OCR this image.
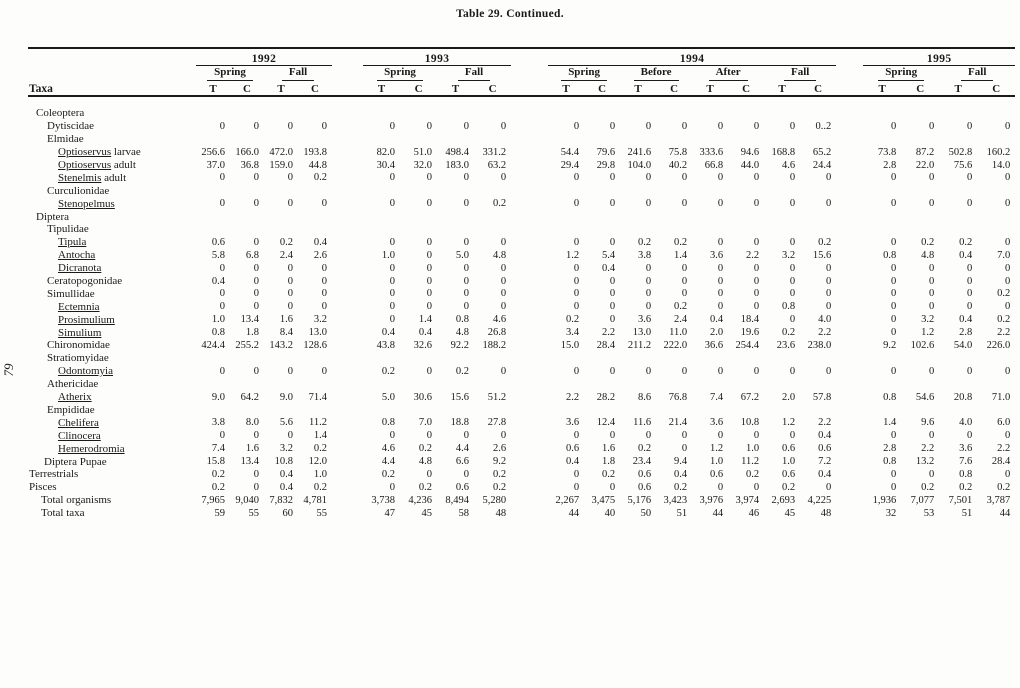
Table 29. Continued.
79
	1992					1993					1994									1995			
	Spring		Fall			Spring		Fall			Spring		Before		After		Fall			Spring		Fall	
Taxa	T	C	T	C		T	C	T	C		T	C	T	C	T	C	T	C		T	C	T	C
Coleoptera																							
Dytiscidae	0	0	0	0		0	0	0	0		0	0	0	0	0	0	0	0..2		0	0	0	0
Elmidae																							
Optioservus larvae	256.6	166.0	472.0	193.8		82.0	51.0	498.4	331.2		54.4	79.6	241.6	75.8	333.6	94.6	168.8	65.2		73.8	87.2	502.8	160.2
Optioservus adult	37.0	36.8	159.0	44.8		30.4	32.0	183.0	63.2		29.4	29.8	104.0	40.2	66.8	44.0	4.6	24.4		2.8	22.0	75.6	14.0
Stenelmis adult	0	0	0	0.2		0	0	0	0		0	0	0	0	0	0	0	0		0	0	0	0
Curculionidae																							
Stenopelmus	0	0	0	0		0	0	0	0.2		0	0	0	0	0	0	0	0		0	0	0	0
Diptera																							
Tipulidae																							
Tipula	0.6	0	0.2	0.4		0	0	0	0		0	0	0.2	0.2	0	0	0	0.2		0	0.2	0.2	0
Antocha	5.8	6.8	2.4	2.6		1.0	0	5.0	4.8		1.2	5.4	3.8	1.4	3.6	2.2	3.2	15.6		0.8	4.8	0.4	7.0
Dicranota	0	0	0	0		0	0	0	0		0	0.4	0	0	0	0	0	0		0	0	0	0
Ceratopogonidae	0.4	0	0	0		0	0	0	0		0	0	0	0	0	0	0	0		0	0	0	0
Simullidae	0	0	0	0		0	0	0	0		0	0	0	0	0	0	0	0		0	0	0	0.2
Ectemnia	0	0	0	0		0	0	0	0		0	0	0	0.2	0	0	0.8	0		0	0	0	0
Prosimulium	1.0	13.4	1.6	3.2		0	1.4	0.8	4.6		0.2	0	3.6	2.4	0.4	18.4	0	4.0		0	3.2	0.4	0.2
Simulium	0.8	1.8	8.4	13.0		0.4	0.4	4.8	26.8		3.4	2.2	13.0	11.0	2.0	19.6	0.2	2.2		0	1.2	2.8	2.2
Chironomidae	424.4	255.2	143.2	128.6		43.8	32.6	92.2	188.2		15.0	28.4	211.2	222.0	36.6	254.4	23.6	238.0		9.2	102.6	54.0	226.0
Stratiomyidae																							
Odontomyia	0	0	0	0		0.2	0	0.2	0		0	0	0	0	0	0	0	0		0	0	0	0
Athericidae																							
Atherix	9.0	64.2	9.0	71.4		5.0	30.6	15.6	51.2		2.2	28.2	8.6	76.8	7.4	67.2	2.0	57.8		0.8	54.6	20.8	71.0
Empididae																							
Chelifera	3.8	8.0	5.6	11.2		0.8	7.0	18.8	27.8		3.6	12.4	11.6	21.4	3.6	10.8	1.2	2.2		1.4	9.6	4.0	6.0
Clinocera	0	0	0	1.4		0	0	0	0		0	0	0	0	0	0	0	0.4		0	0	0	0
Hemerodromia	7.4	1.6	3.2	0.2		4.6	0.2	4.4	2.6		0.6	1.6	0.2	0	1.2	1.0	0.6	0.6		2.8	2.2	3.6	2.2
Diptera Pupae	15.8	13.4	10.8	12.0		4.4	4.8	6.6	9.2		0.4	1.8	23.4	9.4	1.0	11.2	1.0	7.2		0.8	13.2	7.6	28.4
Terrestrials	0.2	0	0.4	1.0		0.2	0	0	0.2		0	0.2	0.6	0.4	0.6	0.2	0.6	0.4		0	0	0.8	0
Pisces	0.2	0	0.4	0.2		0	0.2	0.6	0.2		0	0	0.6	0.2	0	0	0.2	0		0	0.2	0.2	0.2
Total organisms	7,965	9,040	7,832	4,781		3,738	4,236	8,494	5,280		2,267	3,475	5,176	3,423	3,976	3,974	2,693	4,225		1,936	7,077	7,501	3,787
Total taxa	59	55	60	55		47	45	58	48		44	40	50	51	44	46	45	48		32	53	51	44
